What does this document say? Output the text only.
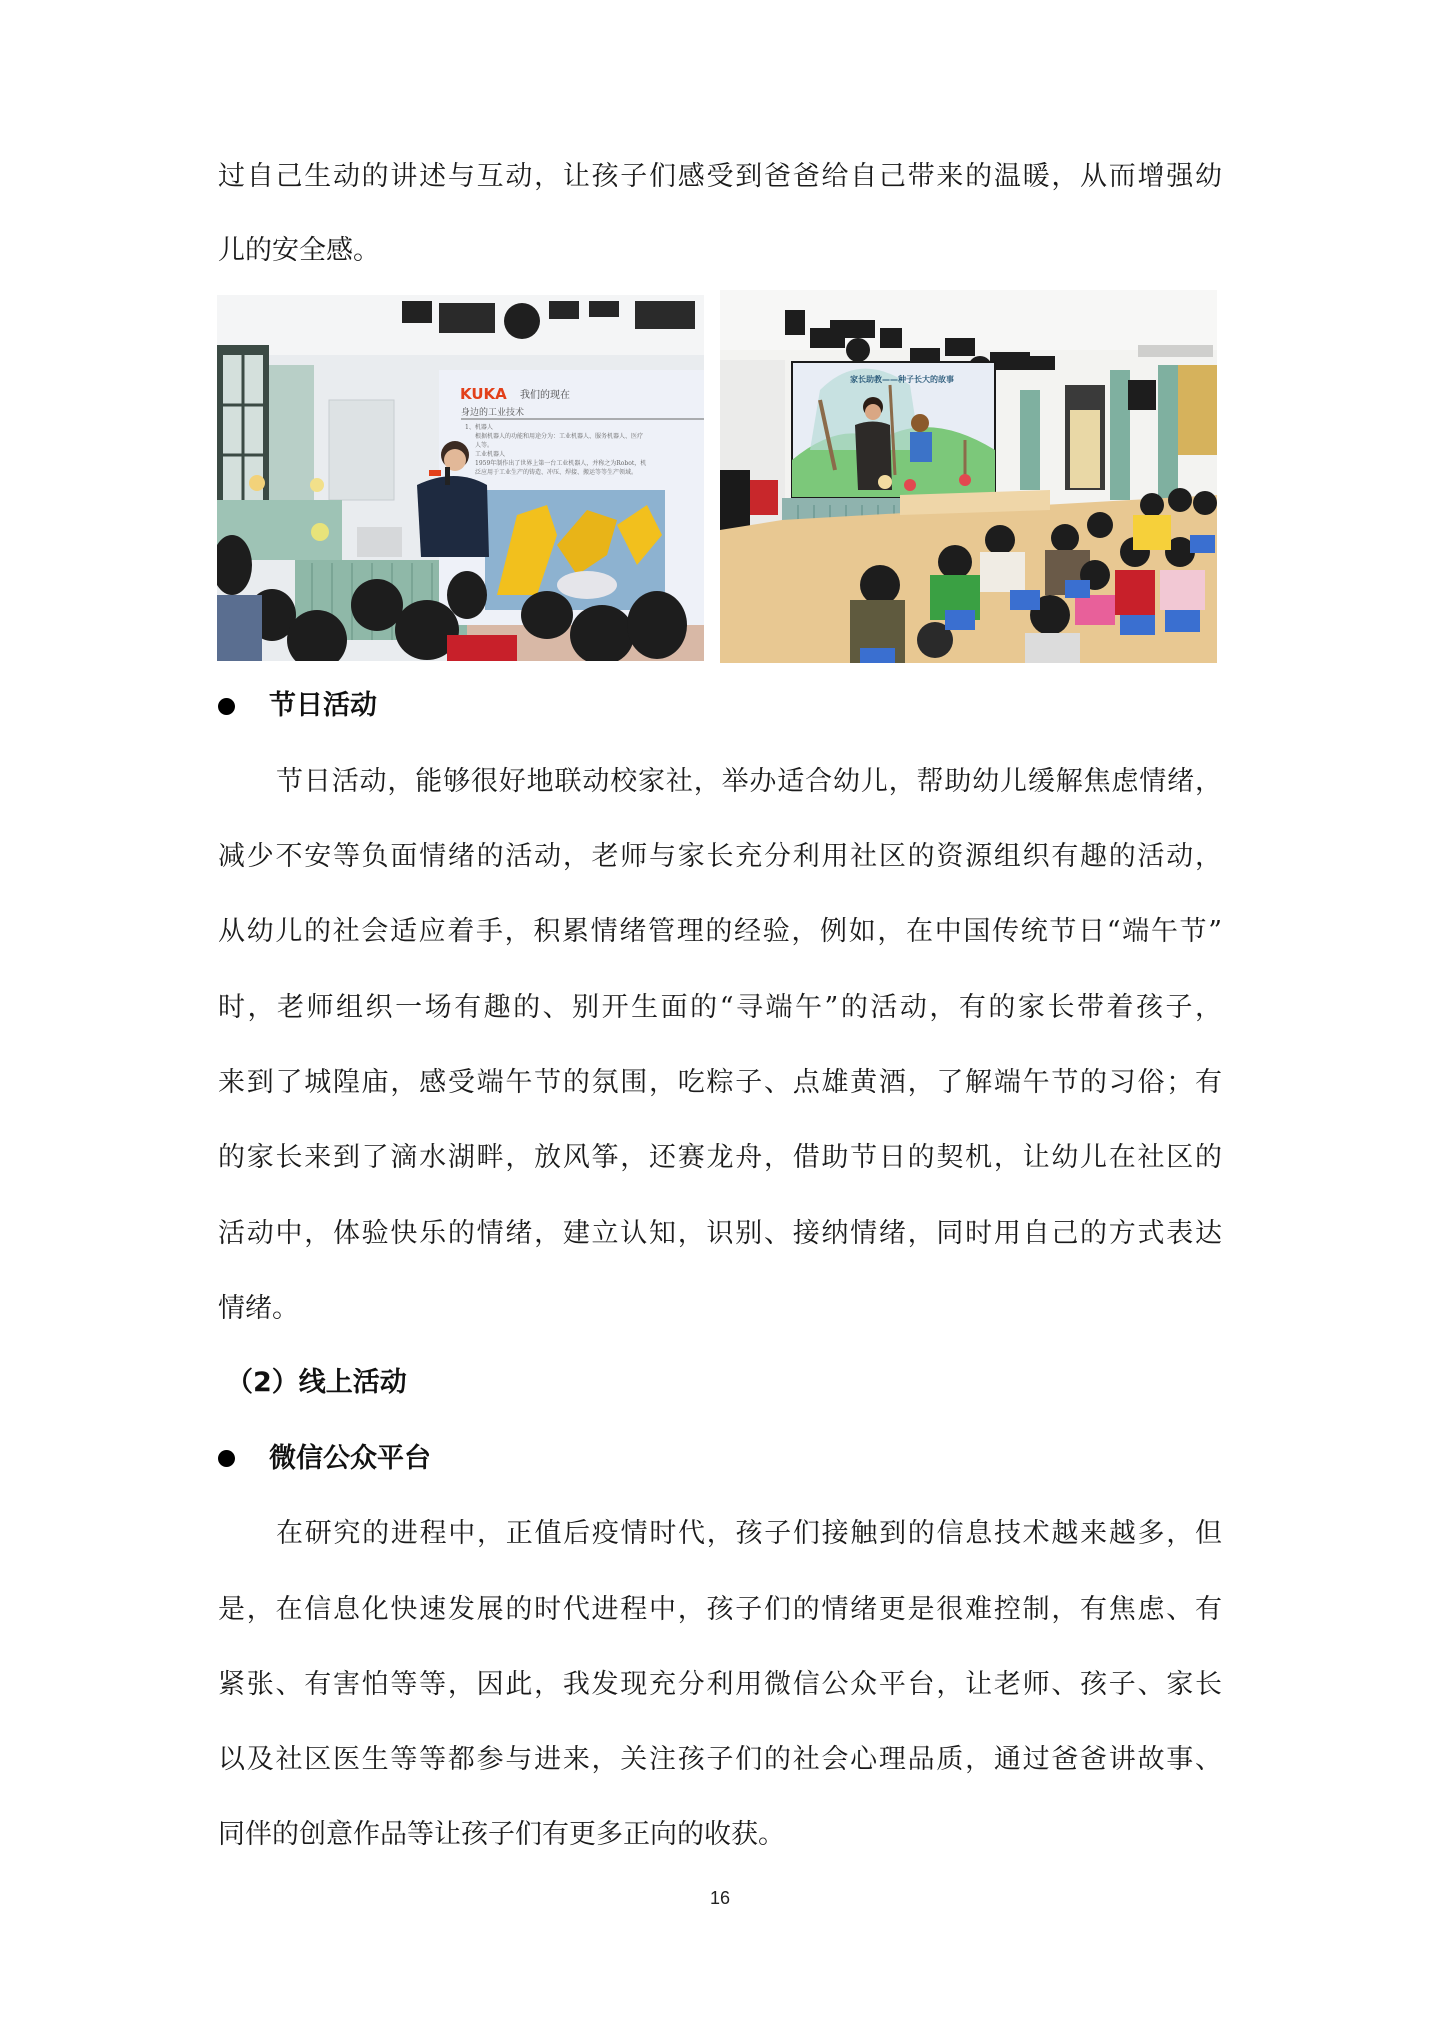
过自己生动的讲述与互动，让孩子们感受到爸爸给自己带来的温暖，从而增强幼
儿的安全感。
KUKA 我们的现在
身边的工业技术
1、机器人
根据机器人的功能和用途分为：工业机器人、服务机器人、医疗
人等。
工业机器人
1959年制作出了世界上第一台工业机器人，并称之为Robot，机
泛应用于工业生产的铸造、冲压、焊接、搬运等等生产领域。
家长助教——种子长大的故事
节日活动
节日活动，能够很好地联动校家社，举办适合幼儿，帮助幼儿缓解焦虑情绪，
减少不安等负面情绪的活动，老师与家长充分利用社区的资源组织有趣的活动，
从幼儿的社会适应着手，积累情绪管理的经验，例如，在中国传统节日“端午节”
时，老师组织一场有趣的、别开生面的“寻端午”的活动，有的家长带着孩子，
来到了城隍庙，感受端午节的氛围，吃粽子、点雄黄酒，了解端午节的习俗；有
的家长来到了滴水湖畔，放风筝，还赛龙舟，借助节日的契机，让幼儿在社区的
活动中，体验快乐的情绪，建立认知，识别、接纳情绪，同时用自己的方式表达
情绪。
（2）线上活动
微信公众平台
在研究的进程中，正值后疫情时代，孩子们接触到的信息技术越来越多，但
是，在信息化快速发展的时代进程中，孩子们的情绪更是很难控制，有焦虑、有
紧张、有害怕等等，因此，我发现充分利用微信公众平台，让老师、孩子、家长
以及社区医生等等都参与进来，关注孩子们的社会心理品质，通过爸爸讲故事、
同伴的创意作品等让孩子们有更多正向的收获。
16
